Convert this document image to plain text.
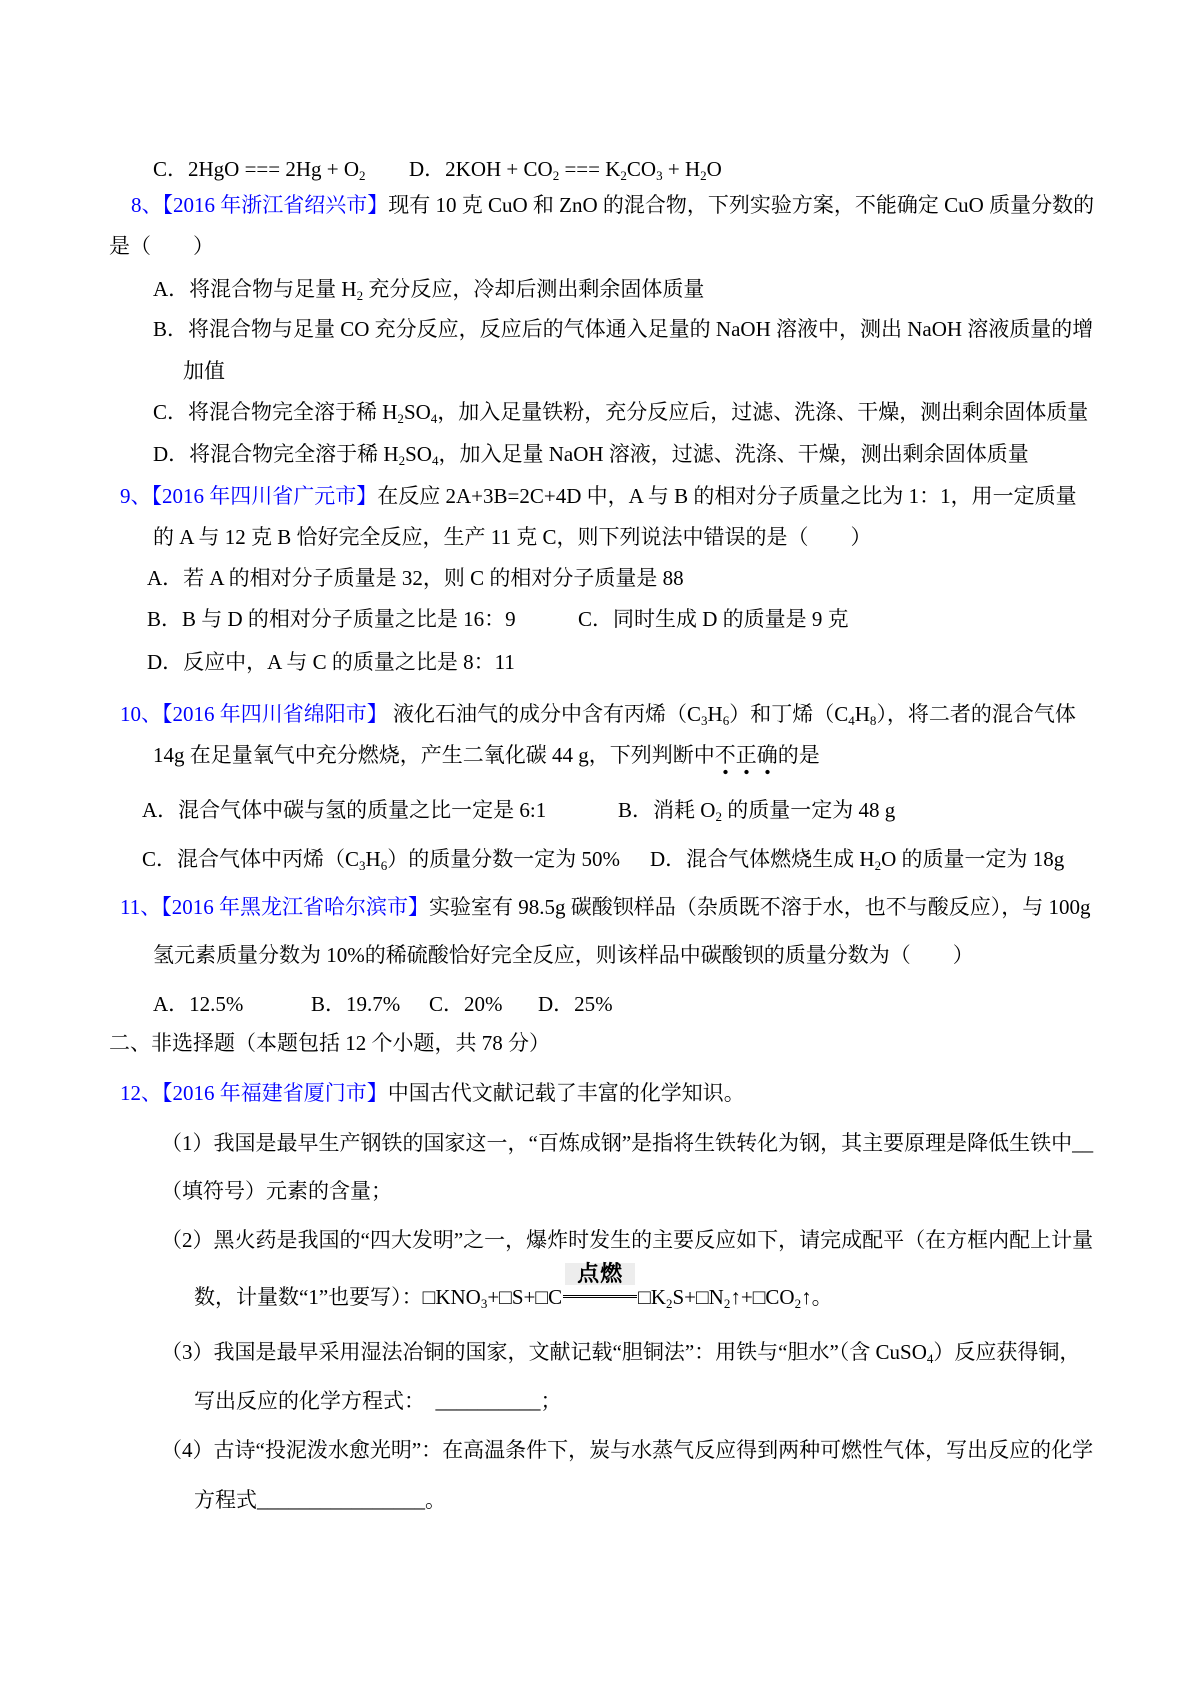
C．2HgO === $2Hg + O_2$ D．$2KOH + CO_2$ === $K_2CO_3 + H_2O$
8、【2016 年浙江省绍兴市】现有 10 克 CuO 和 ZnO 的混合物，下列实验方案，不能确定 CuO 质量分数的
是（　　）
A．将混合物与足量 $H_2$ 充分反应，冷却后测出剩余固体质量
B．将混合物与足量 CO 充分反应，反应后的气体通入足量的 NaOH 溶液中，测出 NaOH 溶液质量的增
加值
C．将混合物完全溶于稀 $H_2SO_4$，加入足量铁粉，充分反应后，过滤、洗涤、干燥，测出剩余固体质量
D．将混合物完全溶于稀 $H_2SO_4$，加入足量 NaOH 溶液，过滤、洗涤、干燥，测出剩余固体质量
9、【2016 年四川省广元市】在反应 2A+3B=2C+4D 中，A 与 B 的相对分子质量之比为 1：1，用一定质量
的 A 与 12 克 B 恰好完全反应，生产 11 克 C，则下列说法中错误的是（　　）
A．若 A 的相对分子质量是 32，则 C 的相对分子质量是 88
B．B 与 D 的相对分子质量之比是 16：9	C．同时生成 D 的质量是 9 克
D．反应中，A 与 C 的质量之比是 8：11
10、【2016 年四川省绵阳市】 液化石油气的成分中含有丙烯$(C_3H_6)$和丁烯$(C_4H_8)$，将二者的混合气体
14g 在足量氧气中充分燃烧，产生二氧化碳 44 g，下列判断中不正确的是
A．混合气体中碳与氢的质量之比一定是 6:1	B．消耗 $O_2$ 的质量一定为 48 g
C．混合气体中丙烯$(C_3H_6)$的质量分数一定为 50% D．混合气体燃烧生成 $H_2O$ 的质量一定为 18g
11、【2016 年黑龙江省哈尔滨市】实验室有 98.5g 碳酸钡样品（杂质既不溶于水，也不与酸反应），与 100g
氢元素质量分数为 10%的稀硫酸恰好完全反应，则该样品中碳酸钡的质量分数为（　　）
A．12.5%	B．19.7% C．20% D．25%
二、非选择题（本题包括 12 个小题，共 78 分）
12、【2016 年福建省厦门市】中国古代文献记载了丰富的化学知识。
（1）我国是最早生产钢铁的国家这一，“百炼成钢”是指将生铁转化为钢，其主要原理是降低生铁中__
（填符号）元素的含量；
（2）黑火药是我国的“四大发明”之一，爆炸时发生的主要反应如下，请完成配平（在方框内配上计量
数，计量数“1”也要写）：$□KNO_3+□S+□C$
点燃
$□K_2S+□N_2↑+□CO_2↑$。
（3）我国是最早采用湿法冶铜的国家，文献记载“胆铜法”：用铁与“胆水”（含 CuSO$_4$）反应获得铜，
写出反应的化学方程式：　__________；
（4）古诗“投泥泼水愈光明”：在高温条件下，炭与水蒸气反应得到两种可燃性气体，写出反应的化学
方程式________________。
